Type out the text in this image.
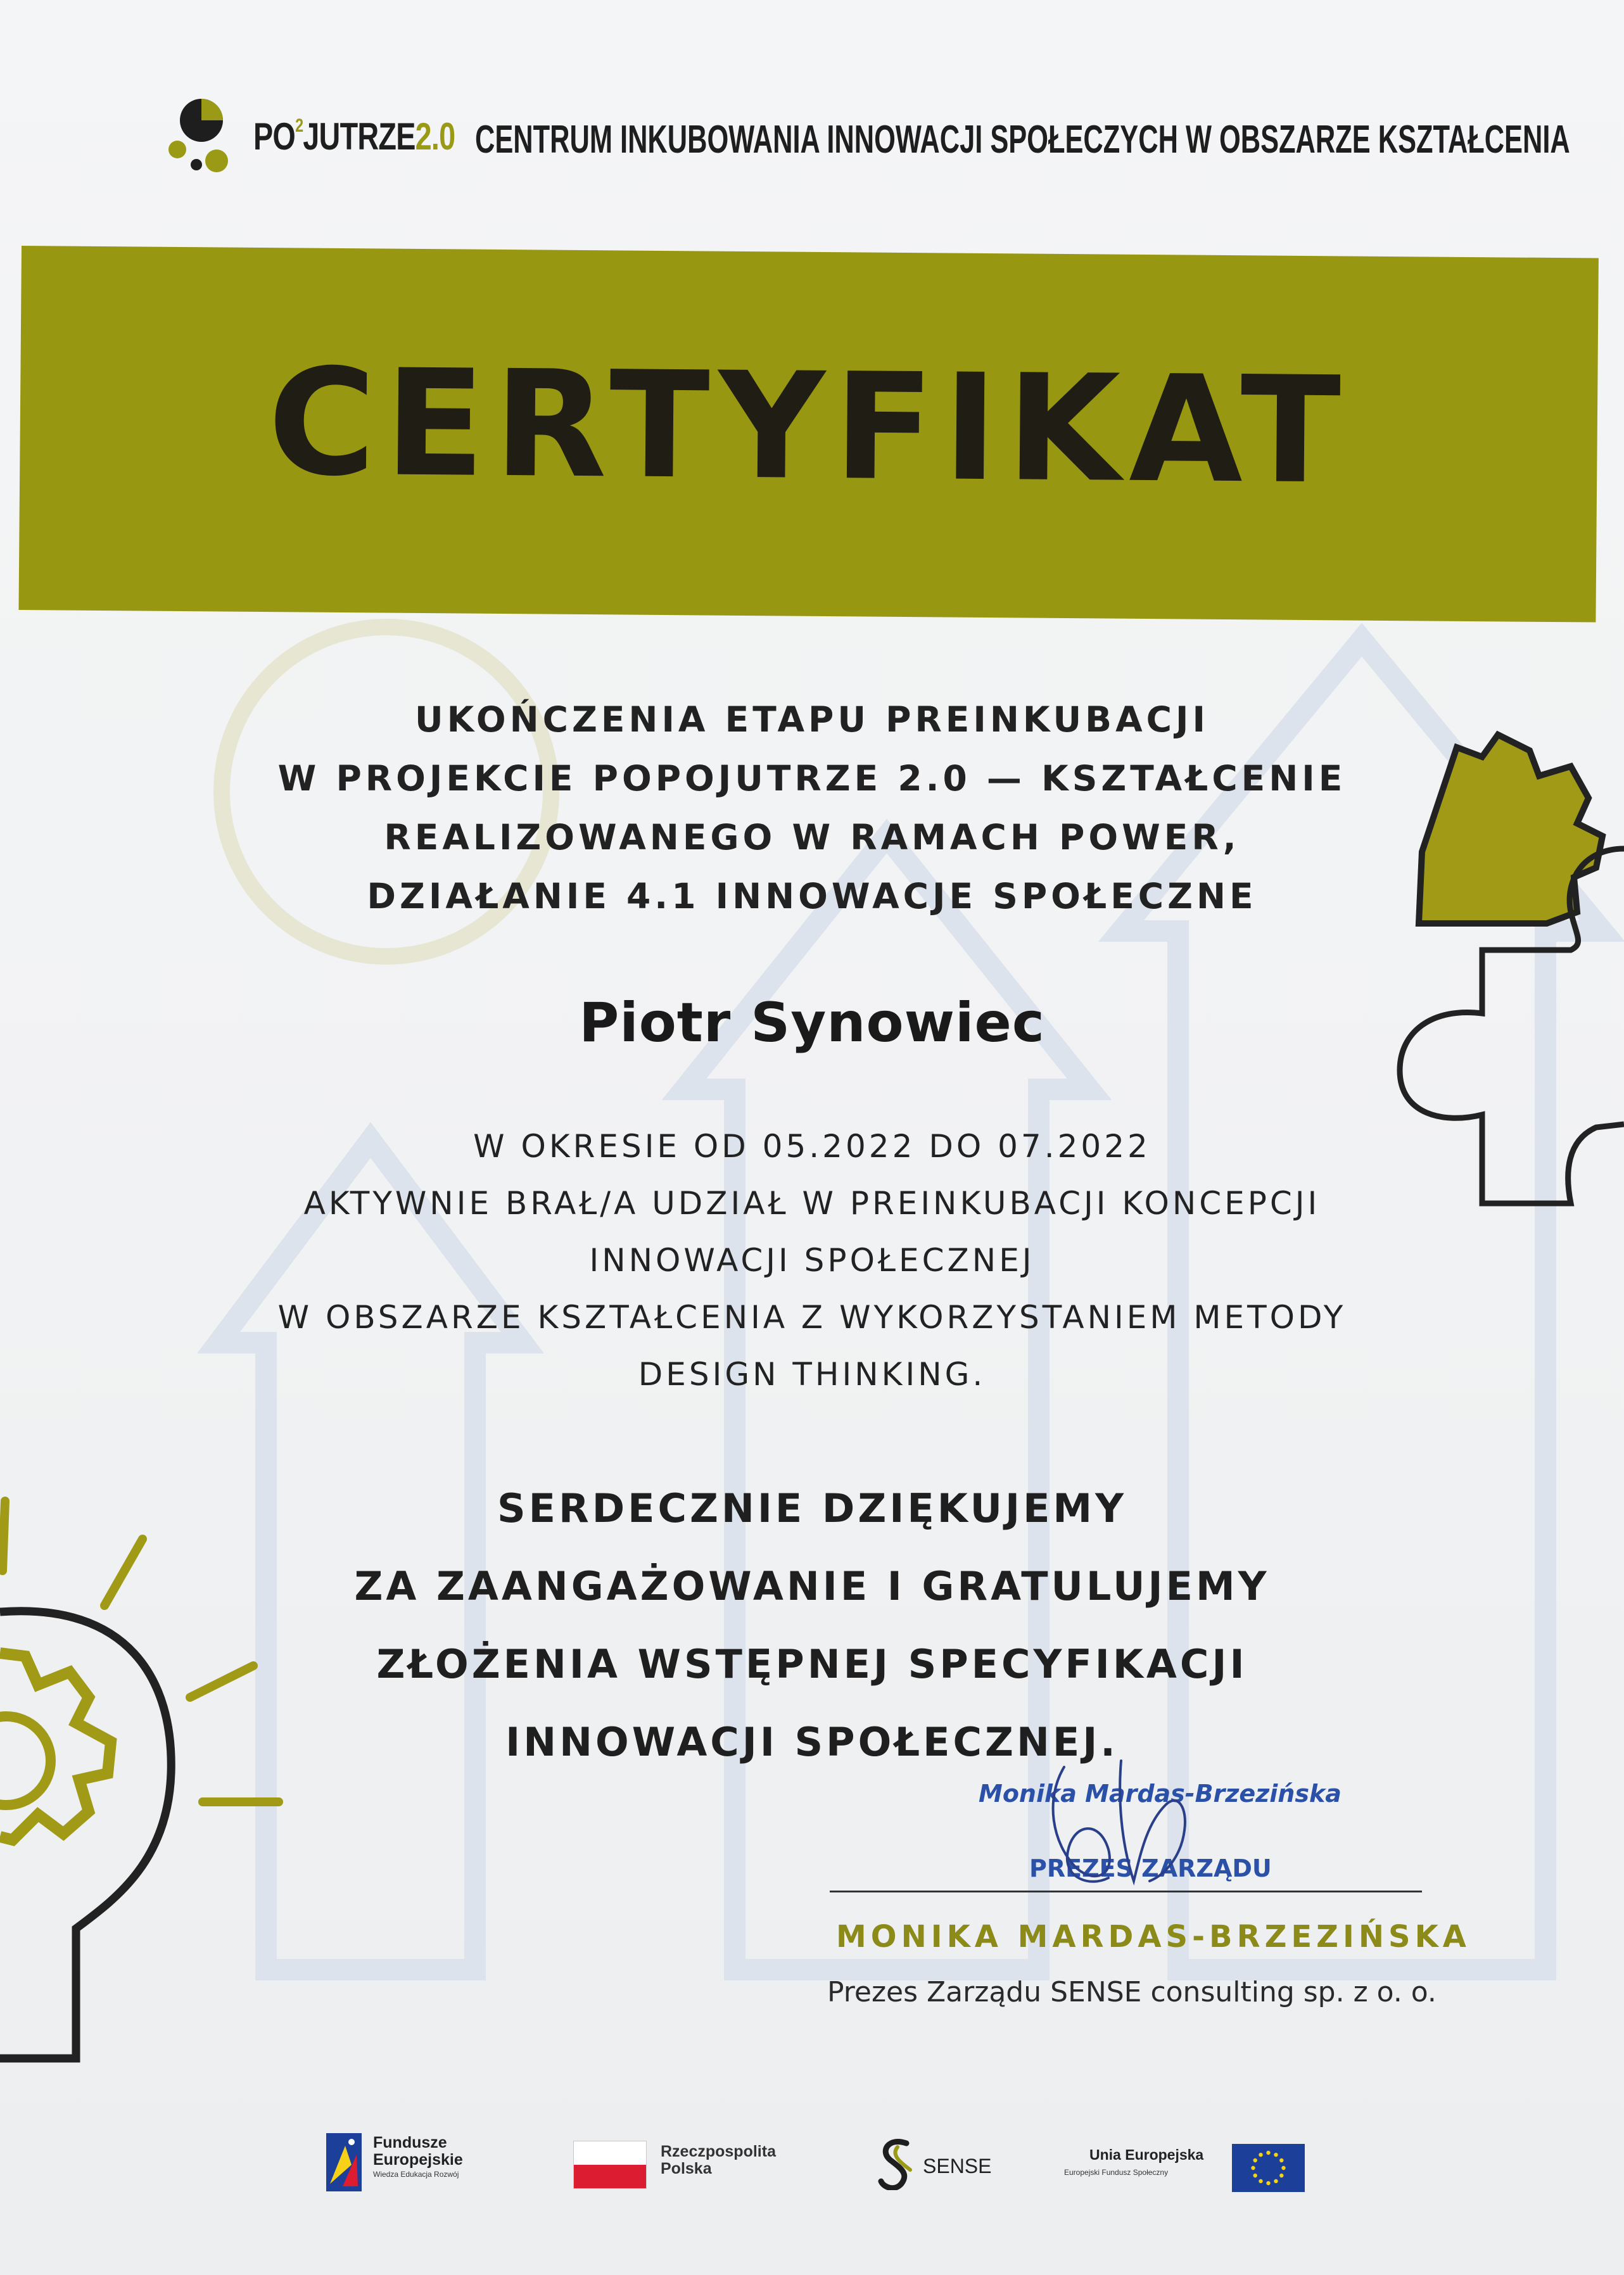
$PO^2JUTRZE2.0$ CENTRUM INKUBOWANIA INNOWACJI SPOŁECZYCH W OBSZARZE KSZTAŁCENIA
CERTYFIKAT
UKOŃCZENIA ETAPU PREINKUBACJI
W PROJEKCIE POPOJUTRZE 2.0 — KSZTAŁCENIE
REALIZOWANEGO W RAMACH POWER,
DZIAŁANIE 4.1 INNOWACJE SPOŁECZNE
Piotr Synowiec
W OKRESIE OD 05.2022 DO 07.2022
AKTYWNIE BRAŁ/A UDZIAŁ W PREINKUBACJI KONCEPCJI
INNOWACJI SPOŁECZNEJ
W OBSZARZE KSZTAŁCENIA Z WYKORZYSTANIEM METODY
DESIGN THINKING.
SERDECZNIE DZIĘKUJEMY
ZA ZAANGAŻOWANIE I GRATULUJEMY
ZŁOŻENIA WSTĘPNEJ SPECYFIKACJI
INNOWACJI SPOŁECZNEJ.
Monika Mardas-Brzezińska
PREZES ZARZĄDU
MONIKA MARDAS-BRZEZIŃSKA
Prezes Zarządu SENSE consulting sp. z o. o.
Fundusze
Europejskie
Wiedza Edukacja Rozwój
Rzeczpospolita
Polska	SENSE	Unia Europejska
Europejski Fundusz Społeczny
